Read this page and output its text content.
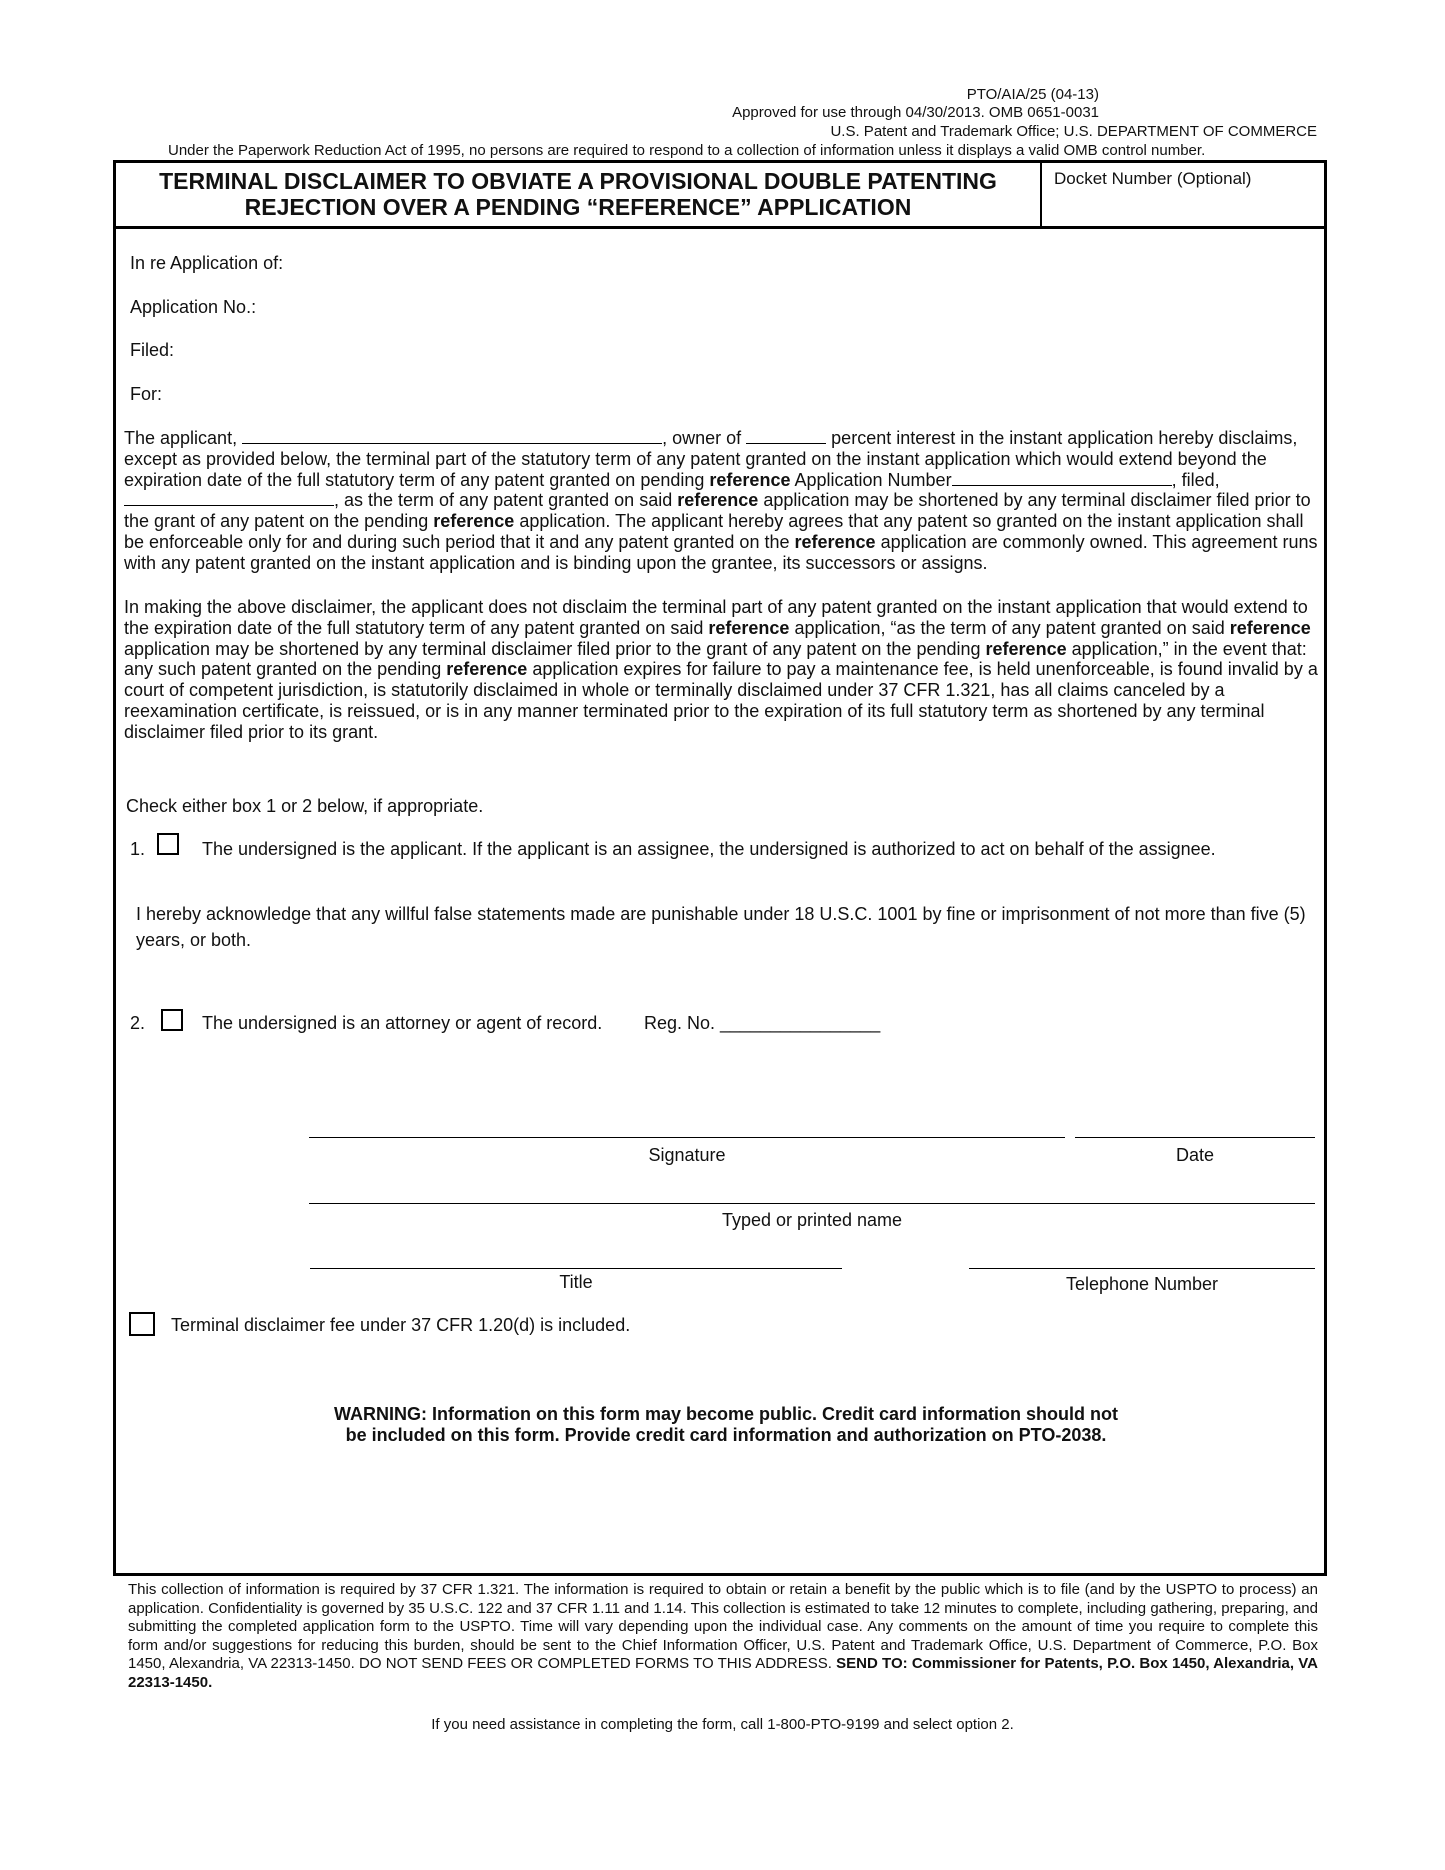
PTO/AIA/25 (04-13)
Approved for use through 04/30/2013. OMB 0651-0031
U.S. Patent and Trademark Office; U.S. DEPARTMENT OF COMMERCE
Under the Paperwork Reduction Act of 1995, no persons are required to respond to a collection of information unless it displays a valid OMB control number.
TERMINAL DISCLAIMER TO OBVIATE A PROVISIONAL DOUBLE PATENTING
REJECTION OVER A PENDING “REFERENCE” APPLICATION
Docket Number (Optional)
In re Application of:
Application No.:
Filed:
For:
The applicant,	, owner of	percent interest in the instant application hereby disclaims, except as provided below, the terminal part of the statutory term of any patent granted on the instant application which would extend beyond the expiration date of the full statutory term of any patent granted on pending reference Application Number	, filed, , as the term of any patent granted on said reference application may be shortened by any terminal disclaimer filed prior to the grant of any patent on the pending reference application. The applicant hereby agrees that any patent so granted on the instant application shall be enforceable only for and during such period that it and any patent granted on the reference application are commonly owned. This agreement runs with any patent granted on the instant application and is binding upon the grantee, its successors or assigns.
In making the above disclaimer, the applicant does not disclaim the terminal part of any patent granted on the instant application that would extend to the expiration date of the full statutory term of any patent granted on said reference application, “as the term of any patent granted on said reference application may be shortened by any terminal disclaimer filed prior to the grant of any patent on the pending reference application,” in the event that: any such patent granted on the pending reference application expires for failure to pay a maintenance fee, is held unenforceable, is found invalid by a court of competent jurisdiction, is statutorily disclaimed in whole or terminally disclaimed under 37 CFR 1.321, has all claims canceled by a reexamination certificate, is reissued, or is in any manner terminated prior to the expiration of its full statutory term as shortened by any terminal disclaimer filed prior to its grant.
Check either box 1 or 2 below, if appropriate.
1.	The undersigned is the applicant. If the applicant is an assignee, the undersigned is authorized to act on behalf of the assignee.
I hereby acknowledge that any willful false statements made are punishable under 18 U.S.C. 1001 by fine or imprisonment of not more than five (5) years, or both.
2.	The undersigned is an attorney or agent of record. Reg. No. ________________
Signature	Date
Typed or printed name
Title	Telephone Number
Terminal disclaimer fee under 37 CFR 1.20(d) is included.
WARNING: Information on this form may become public. Credit card information should not
be included on this form. Provide credit card information and authorization on PTO-2038.
This collection of information is required by 37 CFR 1.321. The information is required to obtain or retain a benefit by the public which is to file (and by the USPTO to process) an application. Confidentiality is governed by 35 U.S.C. 122 and 37 CFR 1.11 and 1.14. This collection is estimated to take 12 minutes to complete, including gathering, preparing, and submitting the completed application form to the USPTO. Time will vary depending upon the individual case. Any comments on the amount of time you require to complete this form and/or suggestions for reducing this burden, should be sent to the Chief Information Officer, U.S. Patent and Trademark Office, U.S. Department of Commerce, P.O. Box 1450, Alexandria, VA 22313-1450. DO NOT SEND FEES OR COMPLETED FORMS TO THIS ADDRESS. SEND TO: Commissioner for Patents, P.O. Box 1450, Alexandria, VA 22313-1450.
If you need assistance in completing the form, call 1-800-PTO-9199 and select option 2.
